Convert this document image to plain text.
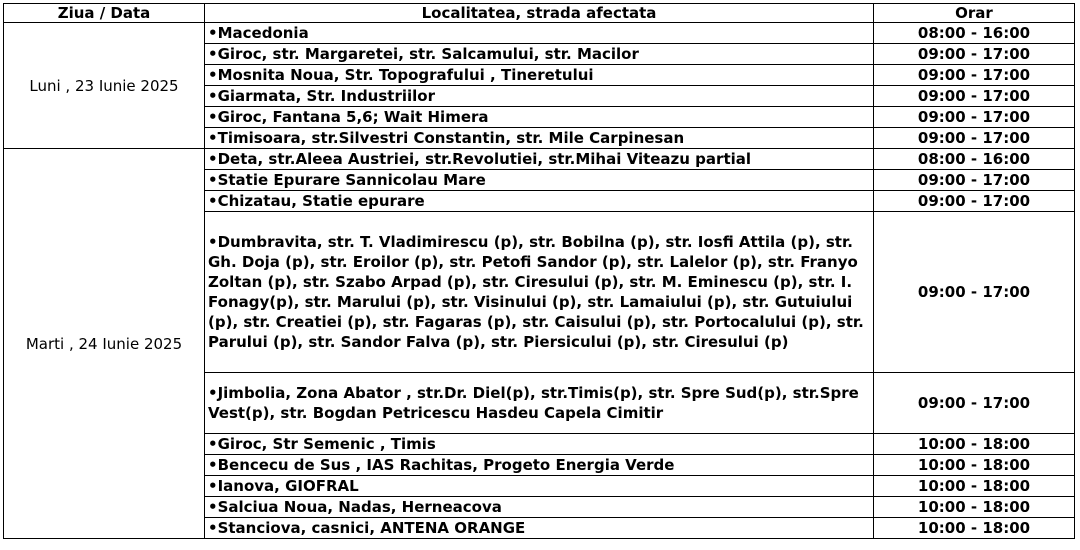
Ziua / Data	Localitatea, strada afectata	Orar
Luni , 23 Iunie 2025	•Macedonia	08:00 - 16:00
	•Giroc, str. Margaretei, str. Salcamului, str. Macilor	09:00 - 17:00
	•Mosnita Noua, Str. Topografului , Tineretului	09:00 - 17:00
	•Giarmata, Str. Industriilor	09:00 - 17:00
	•Giroc, Fantana 5,6; Wait Himera	09:00 - 17:00
	•Timisoara, str.Silvestri Constantin, str. Mile Carpinesan	09:00 - 17:00
Marti , 24 Iunie 2025	•Deta, str.Aleea Austriei, str.Revolutiei, str.Mihai Viteazu partial	08:00 - 16:00
	•Statie Epurare Sannicolau Mare	09:00 - 17:00
	•Chizatau, Statie epurare	09:00 - 17:00
	•Dumbravita, str. T. Vladimirescu (p), str. Bobilna (p), str. Iosfi Attila (p), str. Gh. Doja (p), str. Eroilor (p), str. Petofi Sandor (p), str. Lalelor (p), str. Franyo Zoltan (p), str. Szabo Arpad (p), str. Ciresului (p), str. M. Eminescu (p), str. I. Fonagy(p), str. Marului (p), str. Visinului (p), str. Lamaiului (p), str. Gutuiului (p), str. Creatiei (p), str. Fagaras (p), str. Caisului (p), str. Portocalului (p), str. Parului (p), str. Sandor Falva (p), str. Piersicului (p), str. Ciresului (p)	09:00 - 17:00
	•Jimbolia, Zona Abator , str.Dr. Diel(p), str.Timis(p), str. Spre Sud(p), str.Spre Vest(p), str. Bogdan Petricescu Hasdeu Capela Cimitir	09:00 - 17:00
	•Giroc, Str Semenic , Timis	10:00 - 18:00
	•Bencecu de Sus , IAS Rachitas, Progeto Energia Verde	10:00 - 18:00
	•Ianova, GIOFRAL	10:00 - 18:00
	•Salciua Noua, Nadas, Herneacova	10:00 - 18:00
	•Stanciova, casnici, ANTENA ORANGE	10:00 - 18:00
